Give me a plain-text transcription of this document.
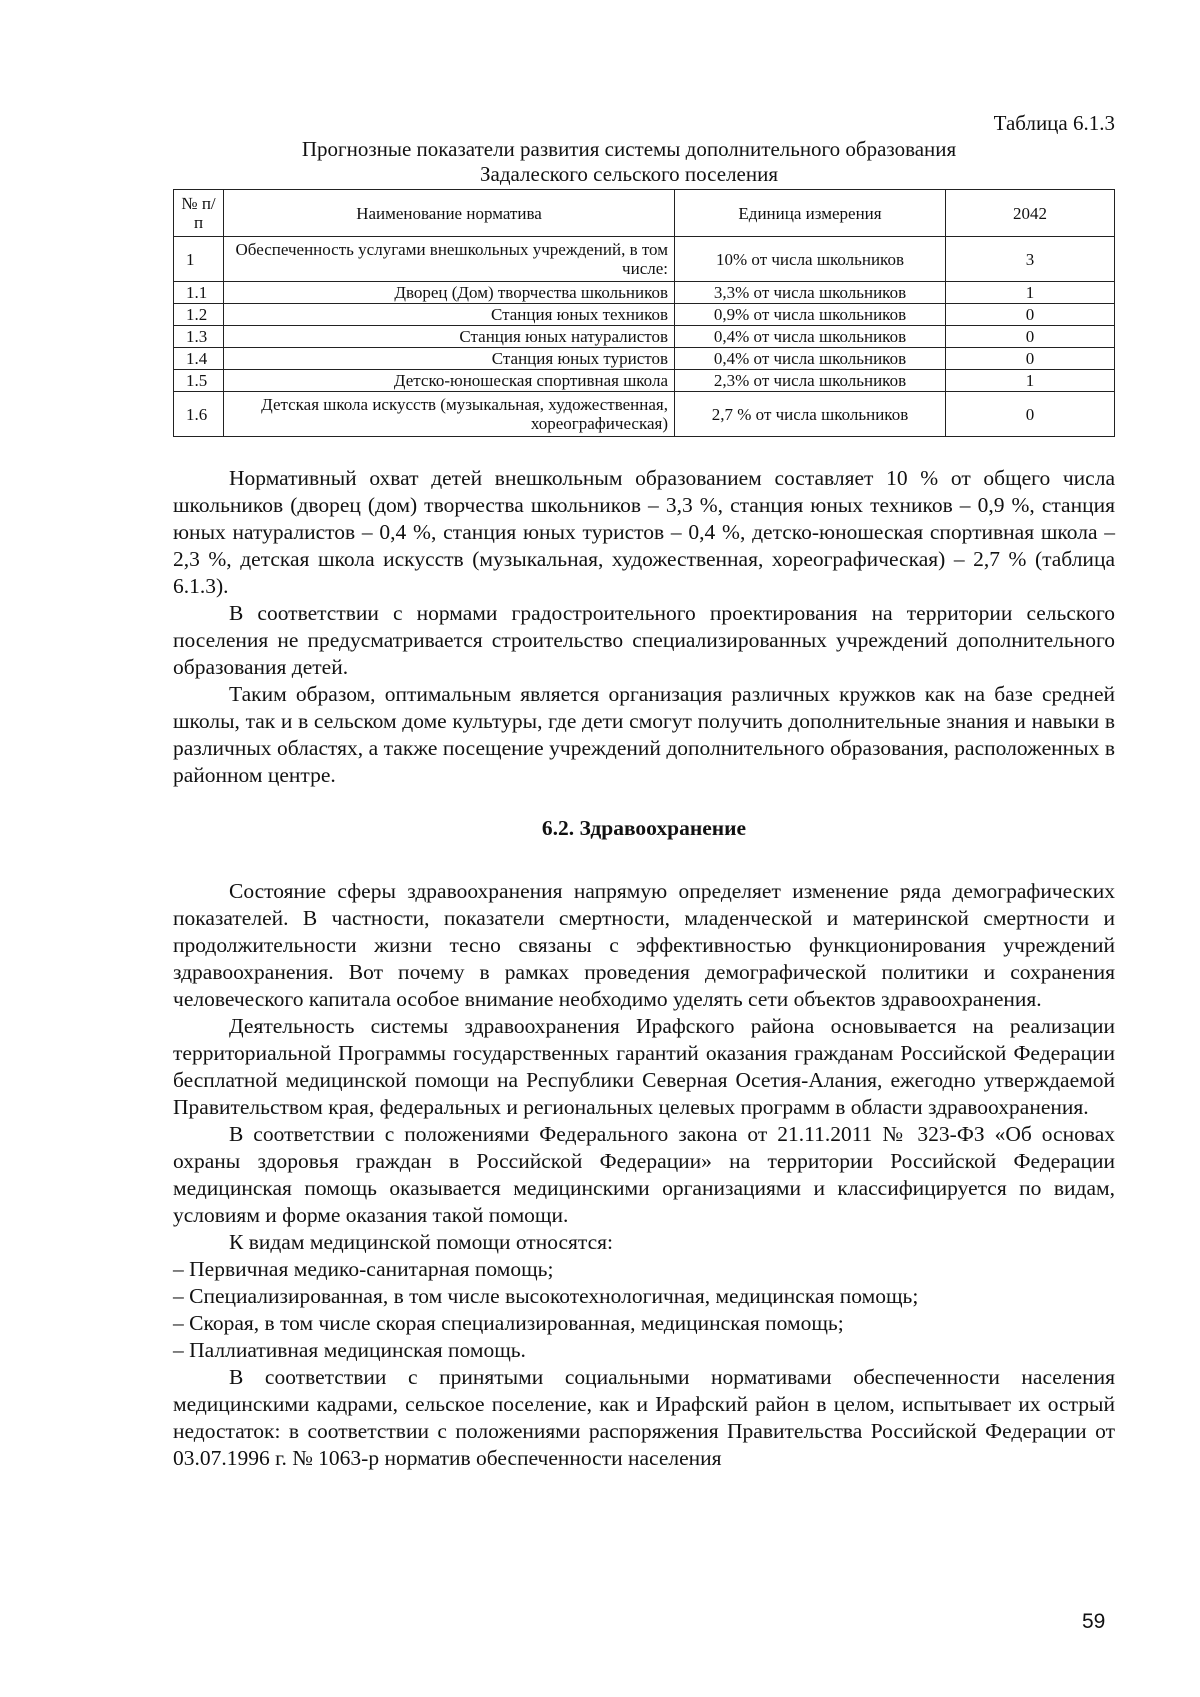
Таблица 6.1.3
Прогнозные показатели развития системы дополнительного образования
Задалеского сельского поселения
№ п/п	Наименование норматива	Единица измерения	2042
1	Обеспеченность услугами внешкольных учреждений, в том числе:	10% от числа школьников	3
1.1	Дворец (Дом) творчества школьников	3,3% от числа школьников	1
1.2	Станция юных техников	0,9% от числа школьников	0
1.3	Станция юных натуралистов	0,4% от числа школьников	0
1.4	Станция юных туристов	0,4% от числа школьников	0
1.5	Детско-юношеская спортивная школа	2,3% от числа школьников	1
1.6	Детская школа искусств (музыкальная, художественная, хореографическая)	2,7 % от числа школьников	0

Нормативный охват детей внешкольным образованием составляет 10 % от общего числа школьников (дворец (дом) творчества школьников – 3,3 %, станция юных техников – 0,9 %, станция юных натуралистов – 0,4 %, станция юных туристов – 0,4 %, детско-юношеская спортивная школа – 2,3 %, детская школа искусств (музыкальная, художественная, хореографическая) – 2,7 % (таблица 6.1.3).

В соответствии с нормами градостроительного проектирования на территории сельского поселения не предусматривается строительство специализированных учреждений дополнительного образования детей.

Таким образом, оптимальным является организация различных кружков как на базе средней школы, так и в сельском доме культуры, где дети смогут получить дополнительные знания и навыки в различных областях, а также посещение учреждений дополнительного образования, расположенных в районном центре.

6.2. Здравоохранение

Состояние сферы здравоохранения напрямую определяет изменение ряда демографических показателей. В частности, показатели смертности, младенческой и материнской смертности и продолжительности жизни тесно связаны с эффективностью функционирования учреждений здравоохранения. Вот почему в рамках проведения демографической политики и сохранения человеческого капитала особое внимание необходимо уделять сети объектов здравоохранения.

Деятельность системы здравоохранения Ирафского района основывается на реализации территориальной Программы государственных гарантий оказания гражданам Российской Федерации бесплатной медицинской помощи на Республики Северная Осетия-Алания, ежегодно утверждаемой Правительством края, федеральных и региональных целевых программ в области здравоохранения.

В соответствии с положениями Федерального закона от 21.11.2011 № 323-ФЗ «Об основах охраны здоровья граждан в Российской Федерации» на территории Российской Федерации медицинская помощь оказывается медицинскими организациями и классифицируется по видам, условиям и форме оказания такой помощи.

К видам медицинской помощи относятся:

– Первичная медико-санитарная помощь;
– Специализированная, в том числе высокотехнологичная, медицинская помощь;
– Скорая, в том числе скорая специализированная, медицинская помощь;
– Паллиативная медицинская помощь.

В соответствии с принятыми социальными нормативами обеспеченности населения медицинскими кадрами, сельское поселение, как и Ирафский район в целом, испытывает их острый недостаток: в соответствии с положениями распоряжения Правительства Российской Федерации от 03.07.1996 г. № 1063-р норматив обеспеченности населения

59
